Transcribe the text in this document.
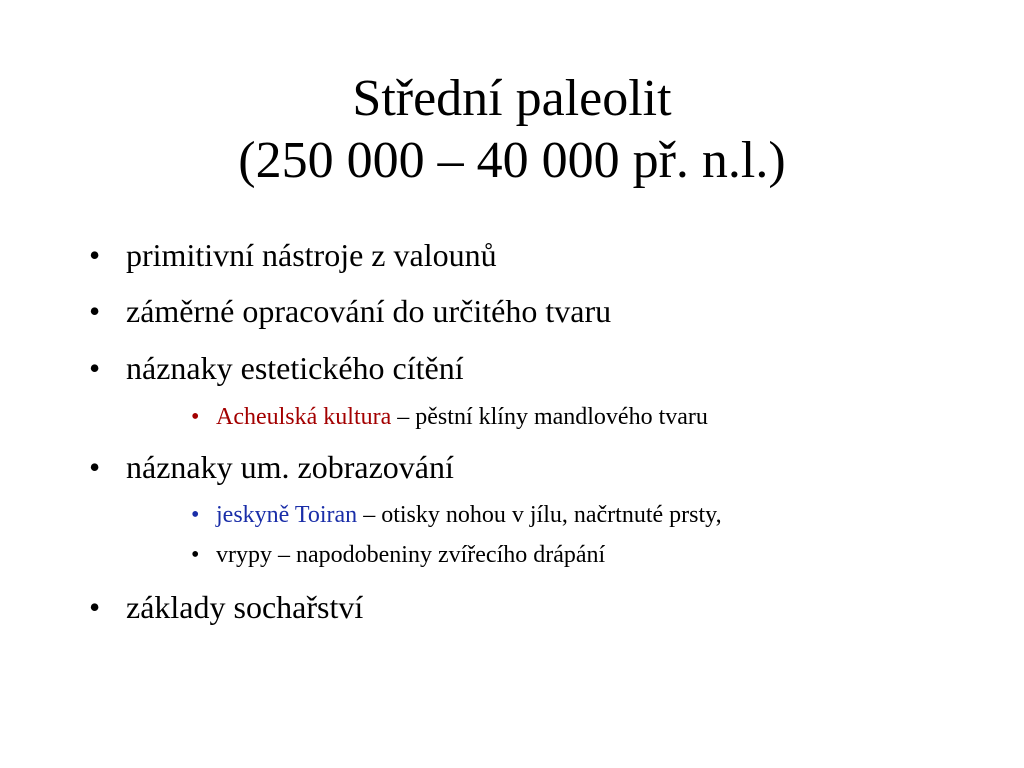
Střední paleolit
(250 000 – 40 000 př. n.l.)
• primitivní nástroje z valounů
• záměrné opracování do určitého tvaru
• náznaky estetického cítění
• Acheulská kultura – pěstní klíny mandlového tvaru
• náznaky um. zobrazování
• jeskyně Toiran – otisky nohou v jílu, načrtnuté prsty,
• vrypy – napodobeniny zvířecího drápání
• základy sochařství
